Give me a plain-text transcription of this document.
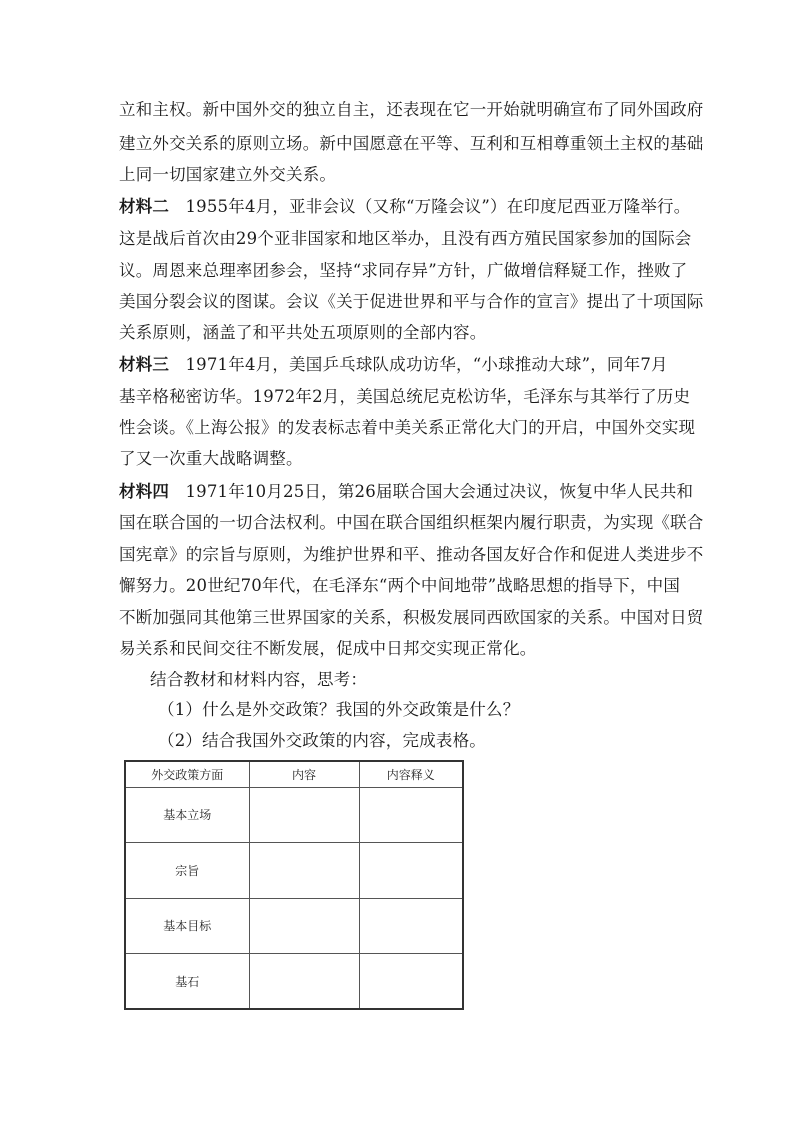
立和主权。新中国外交的独立自主，还表现在它一开始就明确宣布了同外国政府
建立外交关系的原则立场。新中国愿意在平等、互利和互相尊重领土主权的基础
上同一切国家建立外交关系。
材料二 1955年4月，亚非会议（又称“万隆会议”）在印度尼西亚万隆举行。
这是战后首次由29个亚非国家和地区举办，且没有西方殖民国家参加的国际会
议。周恩来总理率团参会，坚持“求同存异”方针，广做增信释疑工作，挫败了
美国分裂会议的图谋。会议《关于促进世界和平与合作的宣言》提出了十项国际
关系原则，涵盖了和平共处五项原则的全部内容。
材料三 1971年4月，美国乒乓球队成功访华，“小球推动大球”，同年7月
基辛格秘密访华。1972年2月，美国总统尼克松访华，毛泽东与其举行了历史
性会谈。《上海公报》的发表标志着中美关系正常化大门的开启，中国外交实现
了又一次重大战略调整。
材料四 1971年10月25日，第26届联合国大会通过决议，恢复中华人民共和
国在联合国的一切合法权利。中国在联合国组织框架内履行职责，为实现《联合
国宪章》的宗旨与原则，为维护世界和平、推动各国友好合作和促进人类进步不
懈努力。20世纪70年代，在毛泽东“两个中间地带”战略思想的指导下，中国
不断加强同其他第三世界国家的关系，积极发展同西欧国家的关系。中国对日贸
易关系和民间交往不断发展，促成中日邦交实现正常化。
结合教材和材料内容，思考：
（1）什么是外交政策？我国的外交政策是什么？
（2）结合我国外交政策的内容，完成表格。
外交政策方面	内容	内容释义
基本立场		
宗旨		
基本目标		
基石		
